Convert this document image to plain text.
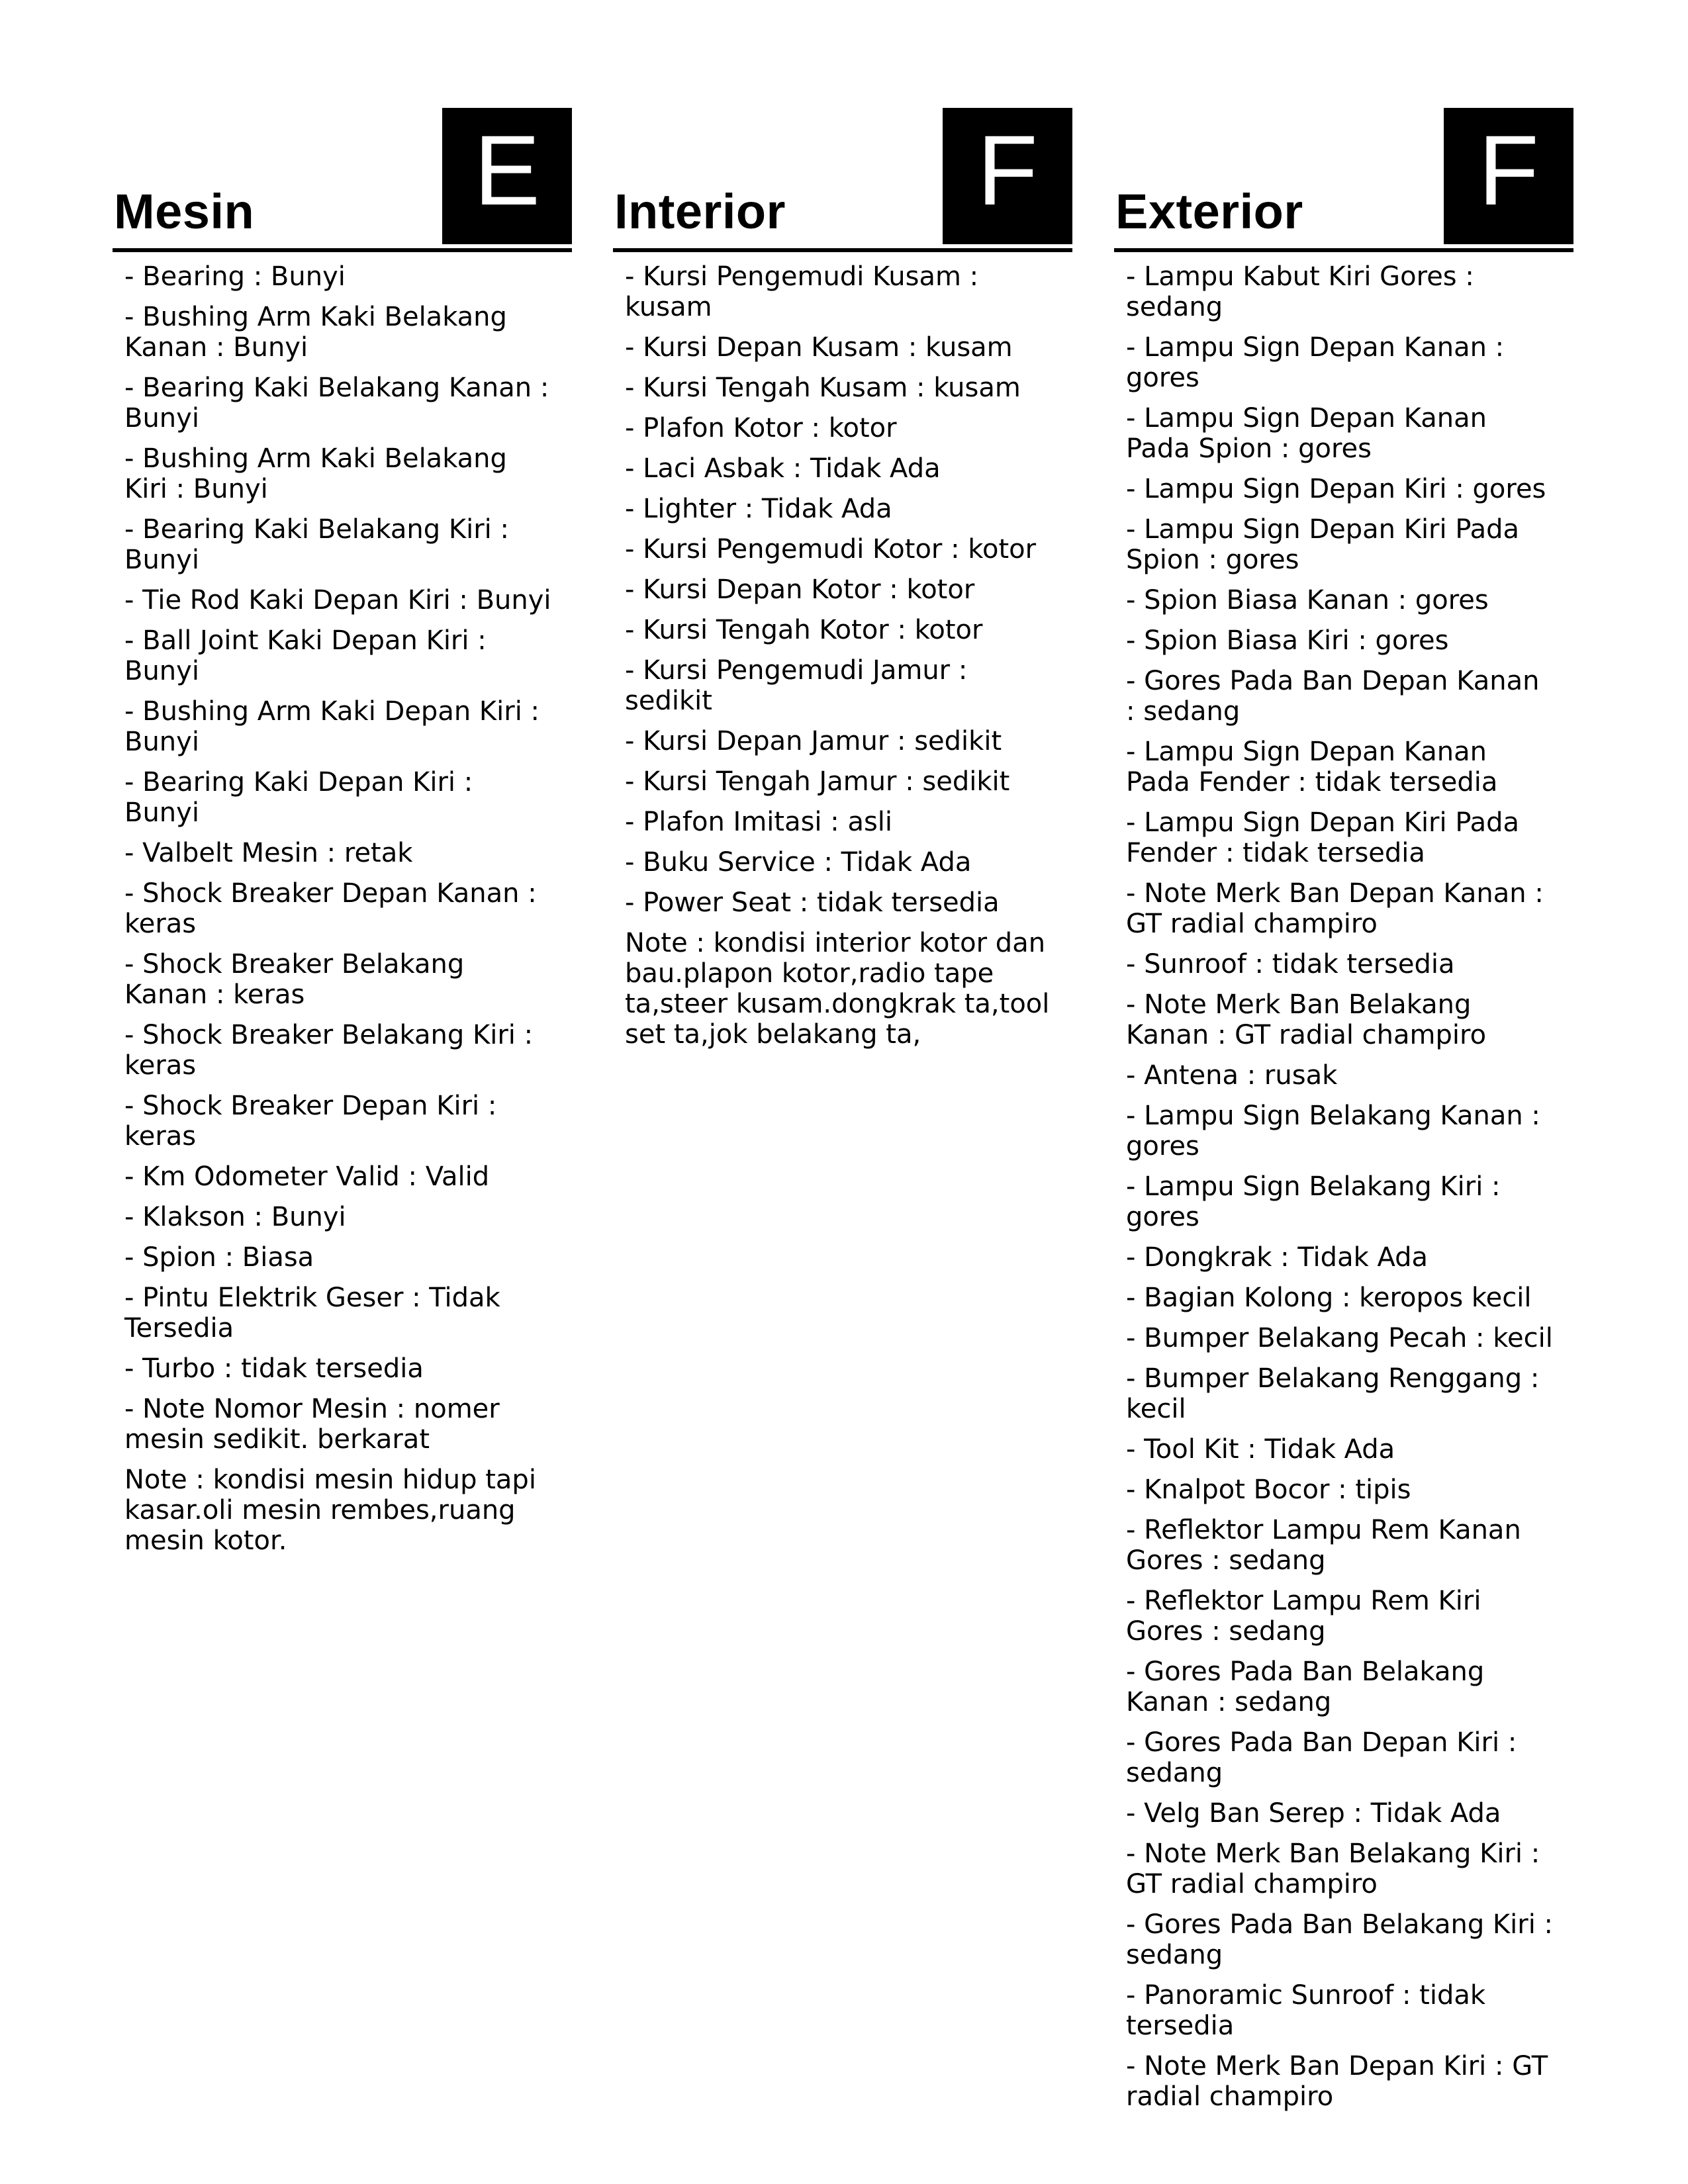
Mesin	E
- Bearing : Bunyi
- Bushing Arm Kaki Belakang Kanan : Bunyi
- Bearing Kaki Belakang Kanan : Bunyi
- Bushing Arm Kaki Belakang Kiri : Bunyi
- Bearing Kaki Belakang Kiri : Bunyi
- Tie Rod Kaki Depan Kiri : Bunyi
- Ball Joint Kaki Depan Kiri : Bunyi
- Bushing Arm Kaki Depan Kiri : Bunyi
- Bearing Kaki Depan Kiri : Bunyi
- Valbelt Mesin : retak
- Shock Breaker Depan Kanan : keras
- Shock Breaker Belakang Kanan : keras
- Shock Breaker Belakang Kiri : keras
- Shock Breaker Depan Kiri : keras
- Km Odometer Valid : Valid
- Klakson : Bunyi
- Spion : Biasa
- Pintu Elektrik Geser : Tidak Tersedia
- Turbo : tidak tersedia
- Note Nomor Mesin : nomer mesin sedikit. berkarat

Note : kondisi mesin hidup tapi kasar.oli mesin rembes,ruang mesin kotor.

Interior	F
- Kursi Pengemudi Kusam : kusam
- Kursi Depan Kusam : kusam
- Kursi Tengah Kusam : kusam
- Plafon Kotor : kotor
- Laci Asbak : Tidak Ada
- Lighter : Tidak Ada
- Kursi Pengemudi Kotor : kotor
- Kursi Depan Kotor : kotor
- Kursi Tengah Kotor : kotor
- Kursi Pengemudi Jamur : sedikit
- Kursi Depan Jamur : sedikit
- Kursi Tengah Jamur : sedikit
- Plafon Imitasi : asli
- Buku Service : Tidak Ada
- Power Seat : tidak tersedia

Note : kondisi interior kotor dan bau.plapon kotor,radio tape ta,steer kusam.dongkrak ta,tool set ta,jok belakang ta,

Exterior	F
- Lampu Kabut Kiri Gores : sedang
- Lampu Sign Depan Kanan : gores
- Lampu Sign Depan Kanan Pada Spion : gores
- Lampu Sign Depan Kiri : gores
- Lampu Sign Depan Kiri Pada Spion : gores
- Spion Biasa Kanan : gores
- Spion Biasa Kiri : gores
- Gores Pada Ban Depan Kanan : sedang
- Lampu Sign Depan Kanan Pada Fender : tidak tersedia
- Lampu Sign Depan Kiri Pada Fender : tidak tersedia
- Note Merk Ban Depan Kanan : GT radial champiro
- Sunroof : tidak tersedia
- Note Merk Ban Belakang Kanan : GT radial champiro
- Antena : rusak
- Lampu Sign Belakang Kanan : gores
- Lampu Sign Belakang Kiri : gores
- Dongkrak : Tidak Ada
- Bagian Kolong : keropos kecil
- Bumper Belakang Pecah : kecil
- Bumper Belakang Renggang : kecil
- Tool Kit : Tidak Ada
- Knalpot Bocor : tipis
- Reflektor Lampu Rem Kanan Gores : sedang
- Reflektor Lampu Rem Kiri Gores : sedang
- Gores Pada Ban Belakang Kanan : sedang
- Gores Pada Ban Depan Kiri : sedang
- Velg Ban Serep : Tidak Ada
- Note Merk Ban Belakang Kiri : GT radial champiro
- Gores Pada Ban Belakang Kiri : sedang
- Panoramic Sunroof : tidak tersedia
- Note Merk Ban Depan Kiri : GT radial champiro
